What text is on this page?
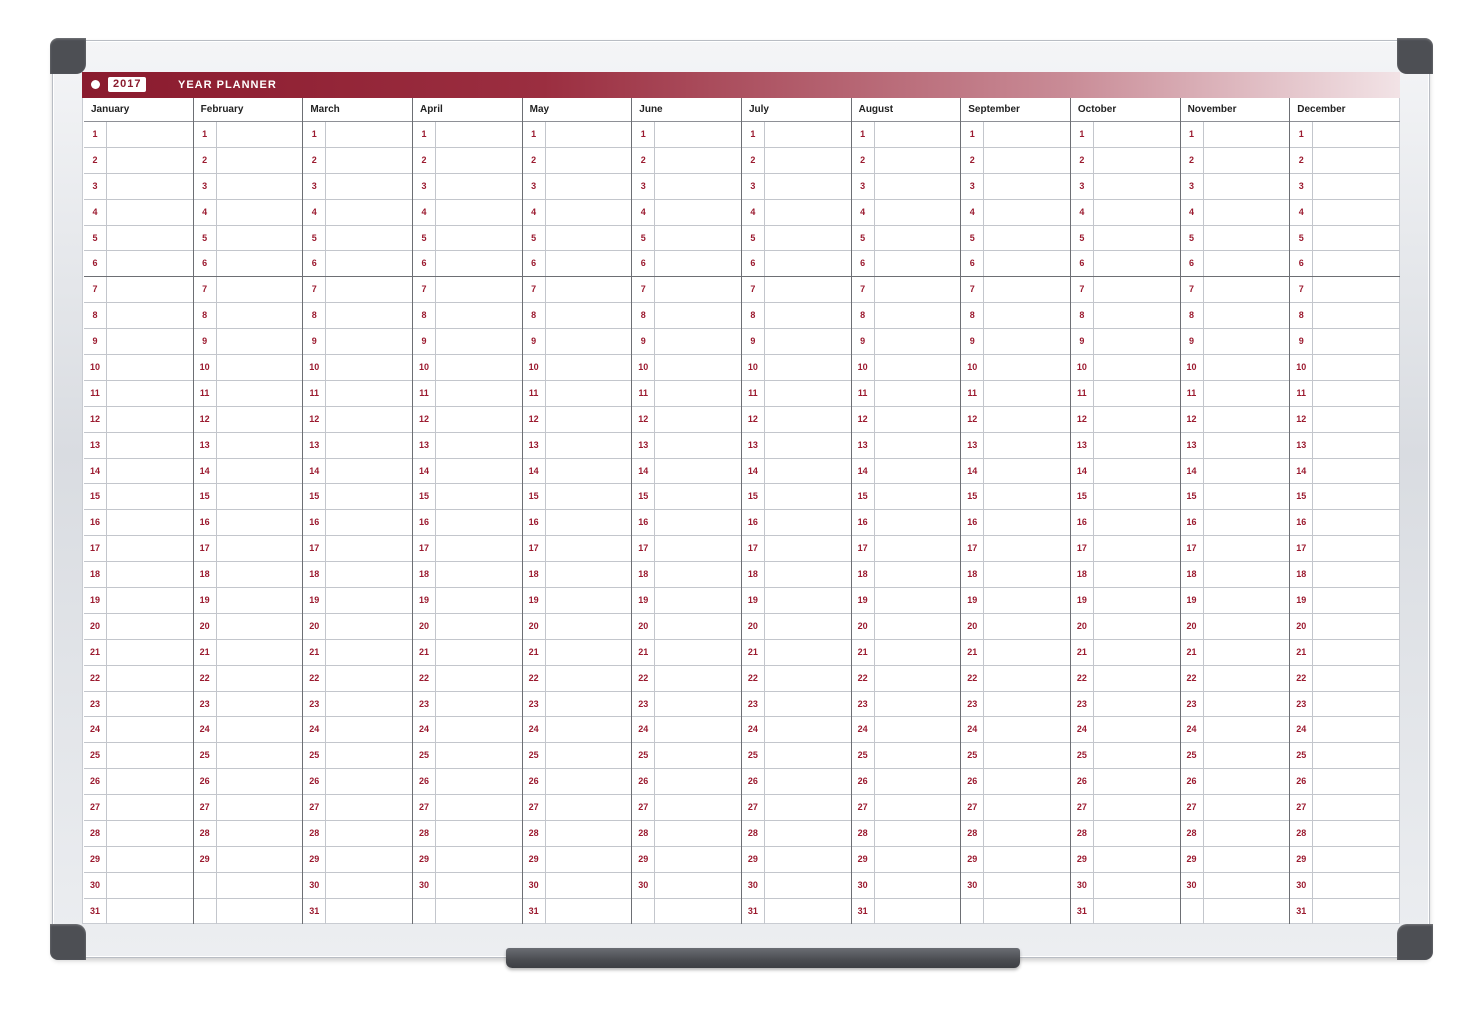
2017	YEAR PLANNER
January
1
2
3
4
5
6
7
8
9
10
11
12
13
14
15
16
17
18
19
20
21
22
23
24
25
26
27
28
29
30
31
February
1
2
3
4
5
6
7
8
9
10
11
12
13
14
15
16
17
18
19
20
21
22
23
24
25
26
27
28
29
March
1
2
3
4
5
6
7
8
9
10
11
12
13
14
15
16
17
18
19
20
21
22
23
24
25
26
27
28
29
30
31
April
1
2
3
4
5
6
7
8
9
10
11
12
13
14
15
16
17
18
19
20
21
22
23
24
25
26
27
28
29
30
May
1
2
3
4
5
6
7
8
9
10
11
12
13
14
15
16
17
18
19
20
21
22
23
24
25
26
27
28
29
30
31
June
1
2
3
4
5
6
7
8
9
10
11
12
13
14
15
16
17
18
19
20
21
22
23
24
25
26
27
28
29
30
July
1
2
3
4
5
6
7
8
9
10
11
12
13
14
15
16
17
18
19
20
21
22
23
24
25
26
27
28
29
30
31
August
1
2
3
4
5
6
7
8
9
10
11
12
13
14
15
16
17
18
19
20
21
22
23
24
25
26
27
28
29
30
31
September
1
2
3
4
5
6
7
8
9
10
11
12
13
14
15
16
17
18
19
20
21
22
23
24
25
26
27
28
29
30
October
1
2
3
4
5
6
7
8
9
10
11
12
13
14
15
16
17
18
19
20
21
22
23
24
25
26
27
28
29
30
31
November
1
2
3
4
5
6
7
8
9
10
11
12
13
14
15
16
17
18
19
20
21
22
23
24
25
26
27
28
29
30
December
1
2
3
4
5
6
7
8
9
10
11
12
13
14
15
16
17
18
19
20
21
22
23
24
25
26
27
28
29
30
31
